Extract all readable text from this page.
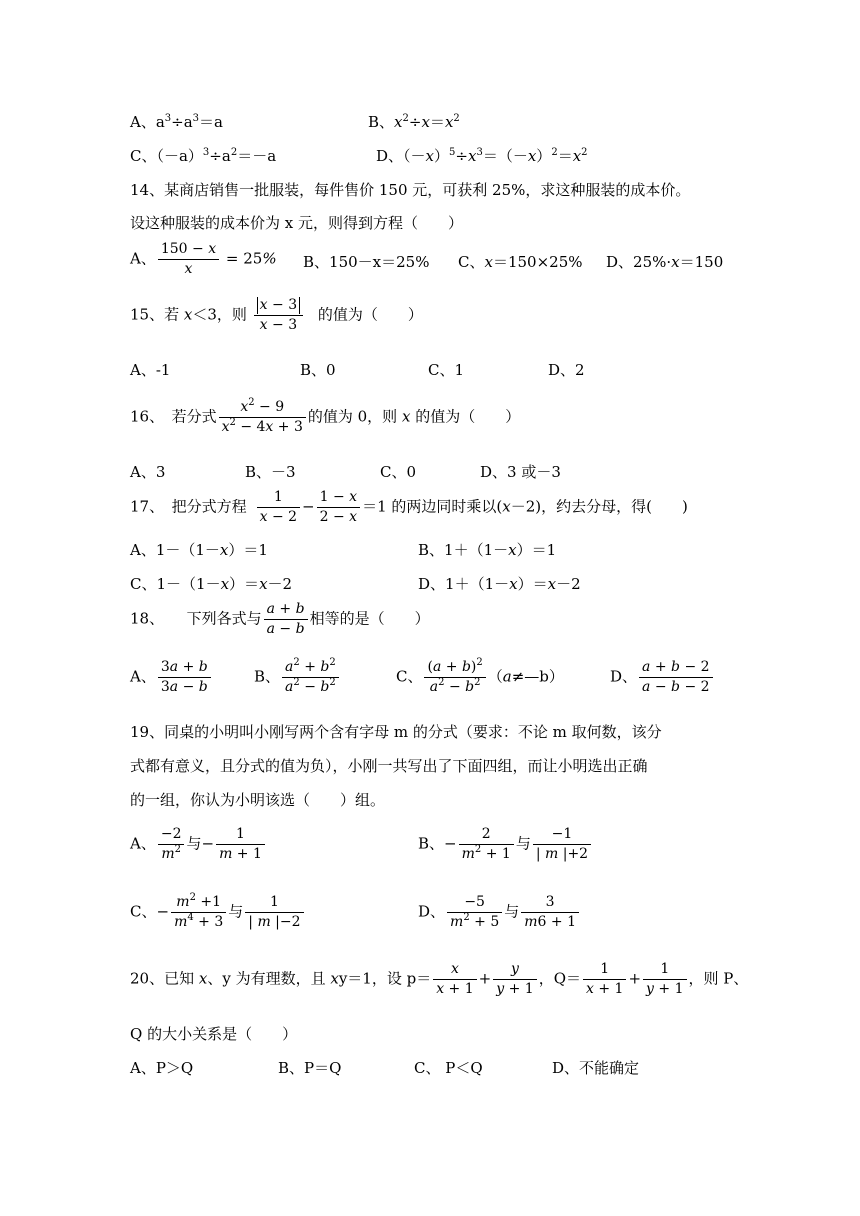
A、$a^3\div a^3=a$	B、$x^2\div x=x^2$
C、$(-a)^3\div a^2=-a$	D、$(-x)^5\div x^3=(-x)^2=x^2$
14、某商店销售一批服装，每件售价 150 元，可获利 25%，求这种服装的成本价。
设这种服装的成本价为 x 元，则得到方程（　　）
A、 $\frac{150 - x}{x} = 25\%$ B、150－x＝25% C、x＝150×25% D、25%·x＝150
15、若 x＜3，则 $\frac{x - 3}{x - 3}$ 的值为（　　）
A、-1	B、0	C、1	D、2
16、　若分式 $\frac{x^2 - 9}{x^2 - 4x + 3}$ 的值为 0，则 x 的值为（　　）
A、3	B、－3	C、0	D、3 或－3
17、　把分式方程 $\frac{1}{x - 2} - \frac{1 - x}{2 - x} =1$ 的两边同时乘以(x－2)，约去分母，得(　　)
A、1－（1－x）＝1	B、1＋（1－x）＝1
C、1－（1－x）＝x－2	D、1＋（1－x）＝x－2
18、　　下列各式与 $\frac{a + b}{a - b}$ 相等的是（　　）
A、 $\frac{3a + b}{3a - b}$	B、 $\frac{a^2 + b^2}{a^2 - b^2}$	C、 $\frac{(a + b)^2}{a^2 - b^2}$ （a≠—b）	D、 $\frac{a + b - 2}{a - b - 2}$
19、同桌的小明叫小刚写两个含有字母 m 的分式（要求：不论 m 取何数，该分
式都有意义，且分式的值为负），小刚一共写出了下面四组，而让小明选出正确
的一组，你认为小明该选（　　）组。
A、 $\frac{-2}{m^2}$ 与− $\frac{1}{m + 1}$	B、− $\frac{2}{m^2 + 1}$ 与 $\frac{-1}{| m |+2}$
C、− $\frac{m^2 +1}{m^4 + 3}$ 与 $\frac{1}{| m |-2}$	D、 $\frac{-5}{m^2 + 5}$ 与 $\frac{3}{m6 + 1}$
20、已知 x、y 为有理数，且 xy＝1，设 $p= \frac{x}{x + 1} + \frac{y}{y + 1}$ ，$Q= \frac{1}{x + 1} + \frac{1}{y + 1}$ ，则 P、
Q 的大小关系是（　　）
A、P＞Q	B、P＝Q	C、 P＜Q	D、不能确定
